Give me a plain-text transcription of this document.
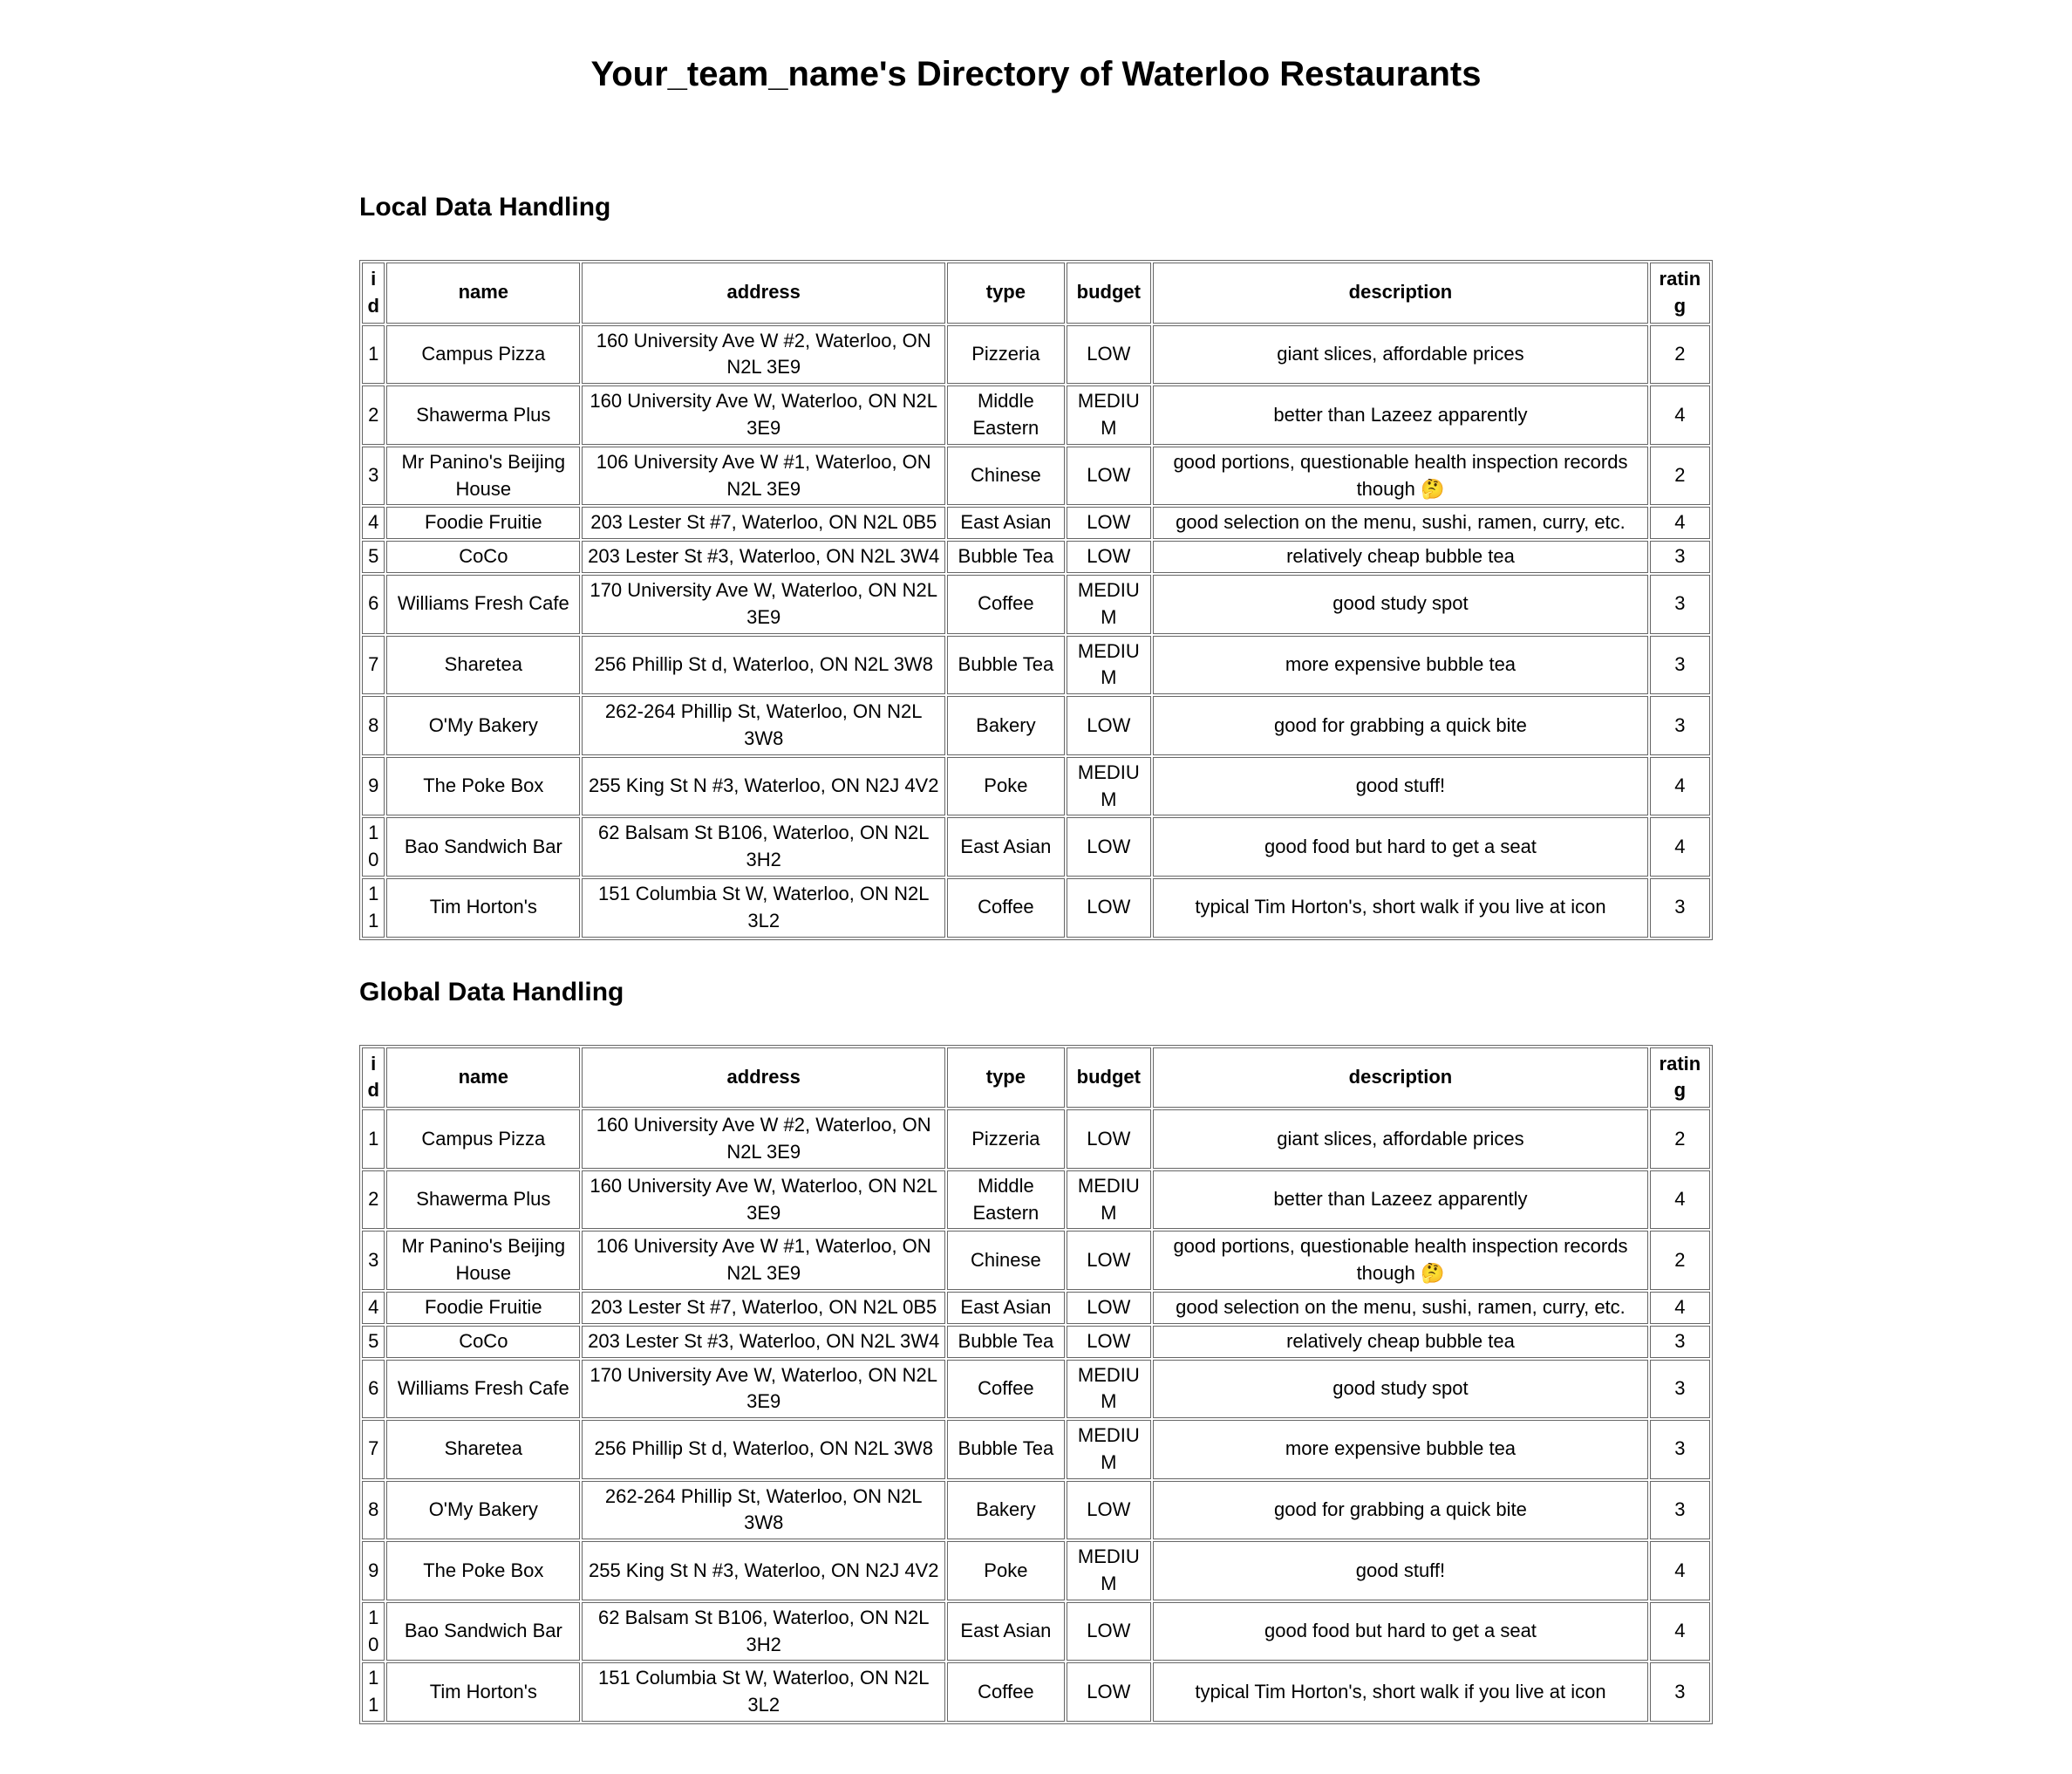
Your_team_name's Directory of Waterloo Restaurants
Local Data Handling
id	name	address	type	budget	description	rating
1	Campus Pizza	160 University Ave W #2, Waterloo, ON N2L 3E9	Pizzeria	LOW	giant slices, affordable prices	2
2	Shawerma Plus	160 University Ave W, Waterloo, ON N2L 3E9	Middle Eastern	MEDIUM	better than Lazeez apparently	4
3	Mr Panino's Beijing House	106 University Ave W #1, Waterloo, ON N2L 3E9	Chinese	LOW	good portions, questionable health inspection records though 🤔	2
4	Foodie Fruitie	203 Lester St #7, Waterloo, ON N2L 0B5	East Asian	LOW	good selection on the menu, sushi, ramen, curry, etc.	4
5	CoCo	203 Lester St #3, Waterloo, ON N2L 3W4	Bubble Tea	LOW	relatively cheap bubble tea	3
6	Williams Fresh Cafe	170 University Ave W, Waterloo, ON N2L 3E9	Coffee	MEDIUM	good study spot	3
7	Sharetea	256 Phillip St d, Waterloo, ON N2L 3W8	Bubble Tea	MEDIUM	more expensive bubble tea	3
8	O'My Bakery	262-264 Phillip St, Waterloo, ON N2L 3W8	Bakery	LOW	good for grabbing a quick bite	3
9	The Poke Box	255 King St N #3, Waterloo, ON N2J 4V2	Poke	MEDIUM	good stuff!	4
10	Bao Sandwich Bar	62 Balsam St B106, Waterloo, ON N2L 3H2	East Asian	LOW	good food but hard to get a seat	4
11	Tim Horton's	151 Columbia St W, Waterloo, ON N2L 3L2	Coffee	LOW	typical Tim Horton's, short walk if you live at icon	3
Global Data Handling
id	name	address	type	budget	description	rating
1	Campus Pizza	160 University Ave W #2, Waterloo, ON N2L 3E9	Pizzeria	LOW	giant slices, affordable prices	2
2	Shawerma Plus	160 University Ave W, Waterloo, ON N2L 3E9	Middle Eastern	MEDIUM	better than Lazeez apparently	4
3	Mr Panino's Beijing House	106 University Ave W #1, Waterloo, ON N2L 3E9	Chinese	LOW	good portions, questionable health inspection records though 🤔	2
4	Foodie Fruitie	203 Lester St #7, Waterloo, ON N2L 0B5	East Asian	LOW	good selection on the menu, sushi, ramen, curry, etc.	4
5	CoCo	203 Lester St #3, Waterloo, ON N2L 3W4	Bubble Tea	LOW	relatively cheap bubble tea	3
6	Williams Fresh Cafe	170 University Ave W, Waterloo, ON N2L 3E9	Coffee	MEDIUM	good study spot	3
7	Sharetea	256 Phillip St d, Waterloo, ON N2L 3W8	Bubble Tea	MEDIUM	more expensive bubble tea	3
8	O'My Bakery	262-264 Phillip St, Waterloo, ON N2L 3W8	Bakery	LOW	good for grabbing a quick bite	3
9	The Poke Box	255 King St N #3, Waterloo, ON N2J 4V2	Poke	MEDIUM	good stuff!	4
10	Bao Sandwich Bar	62 Balsam St B106, Waterloo, ON N2L 3H2	East Asian	LOW	good food but hard to get a seat	4
11	Tim Horton's	151 Columbia St W, Waterloo, ON N2L 3L2	Coffee	LOW	typical Tim Horton's, short walk if you live at icon	3
